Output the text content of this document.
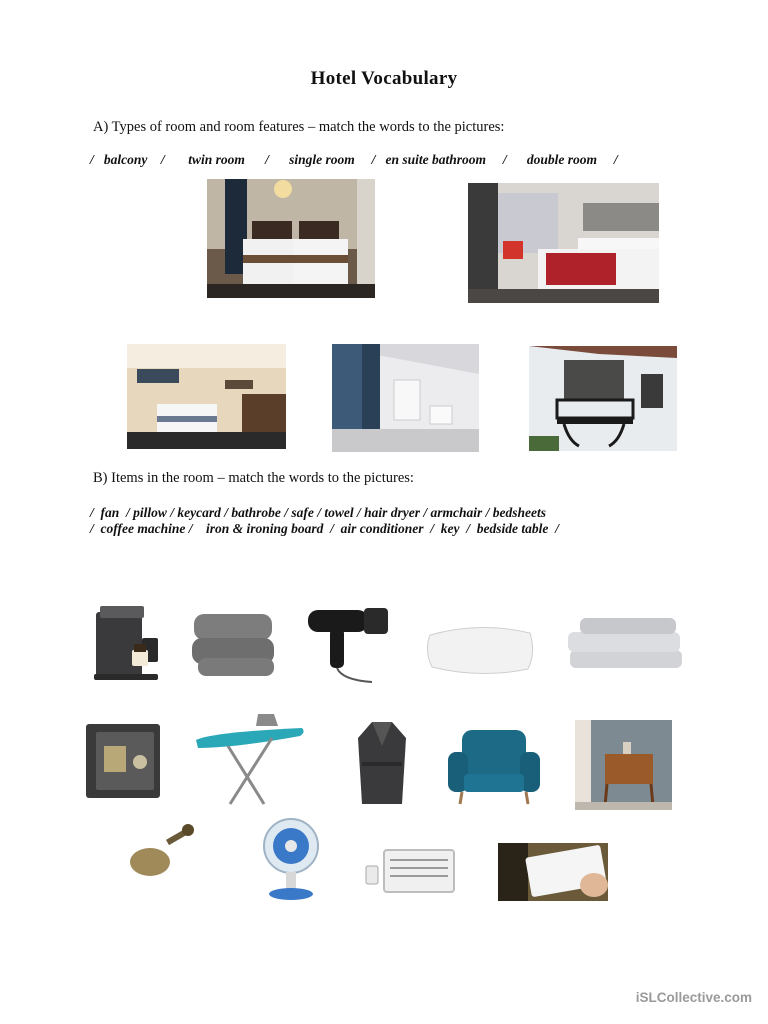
Hotel Vocabulary
A) Types of room and room features – match the words to the pictures:
/   balcony    /       twin room      /      single room     /   en suite bathroom     /      double room     /
B) Items in the room – match the words to the pictures:
/  fan  / pillow / keycard / bathrobe / safe / towel / hair dryer / armchair / bedsheets
/  coffee machine /    iron & ironing board  /  air conditioner  /  key  /  bedside table  /
iSLCollective.com
